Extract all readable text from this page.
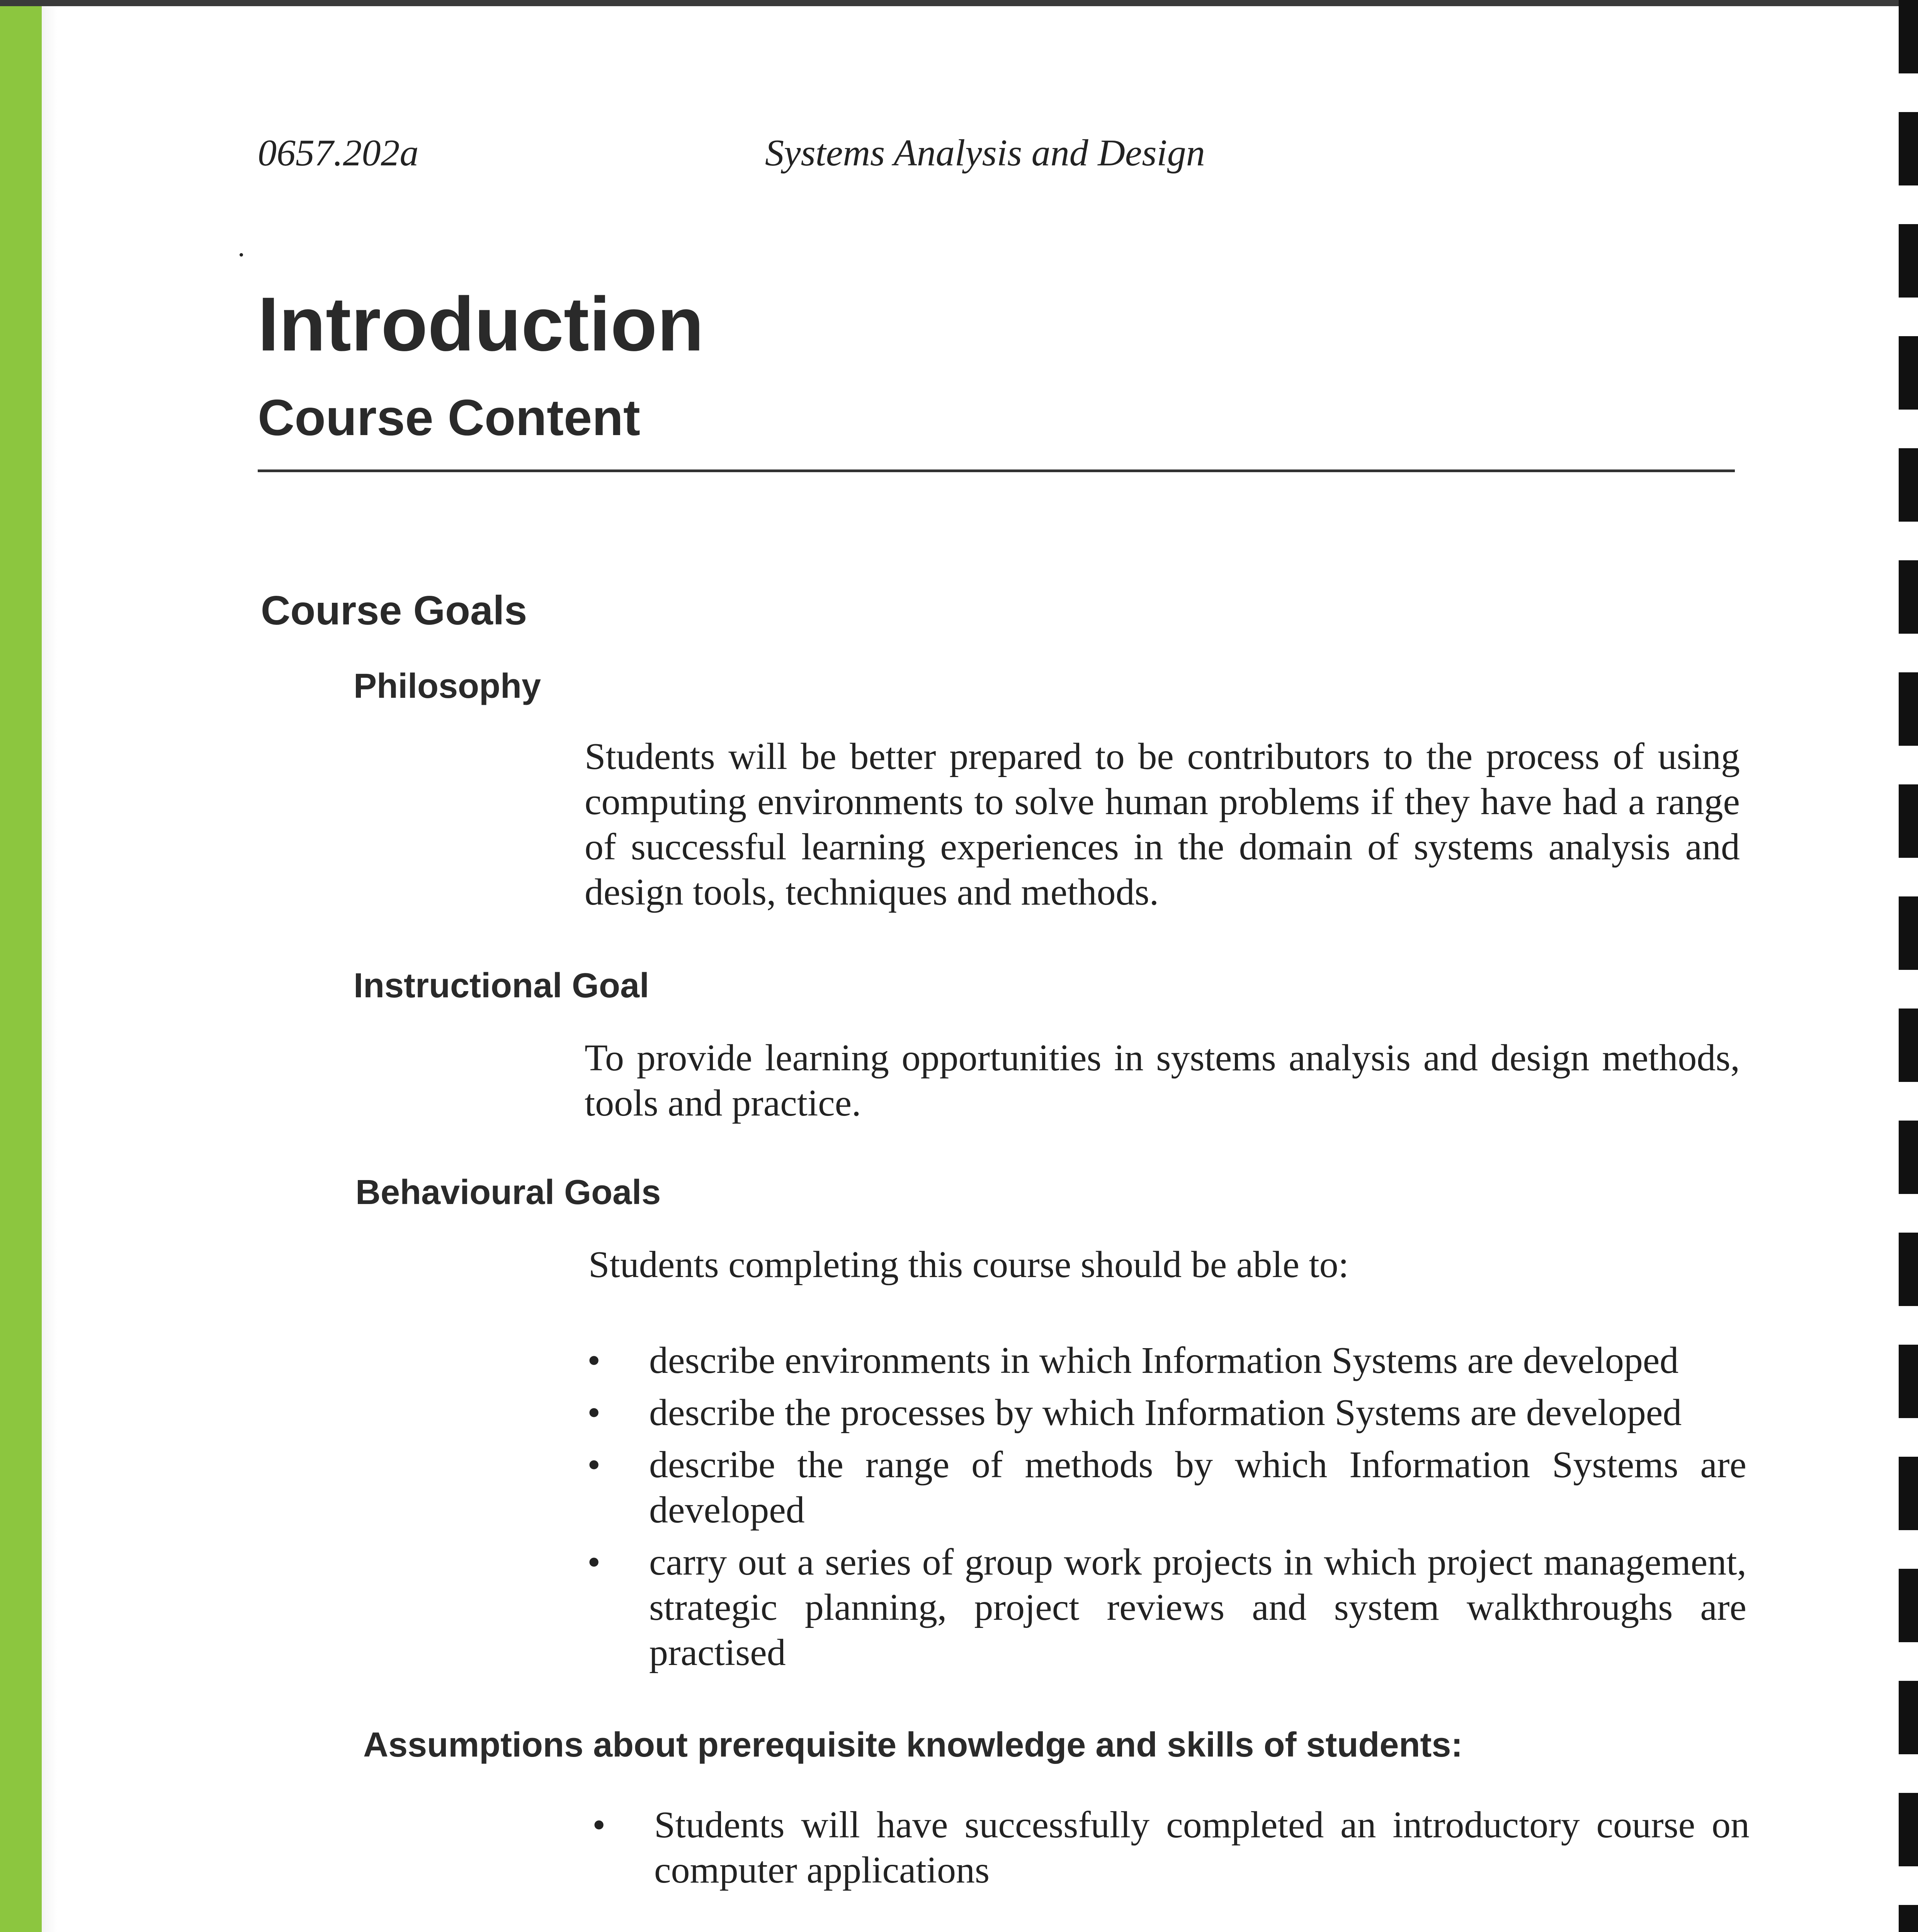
0657.202a	Systems Analysis and Design
Introduction
Course Content
Course Goals
Philosophy

Students will be better prepared to be contributors to the process of using computing environments to solve human problems if they have had a range of successful learning experiences in the domain of systems analysis and design tools, techniques and methods.

Instructional Goal

To provide learning opportunities in systems analysis and design methods, tools and practice.

Behavioural Goals

Students completing this course should be able to:

• describe environments in which Information Systems are developed
• describe the processes by which Information Systems are developed
• describe the range of methods by which Information Systems are developed
• carry out a series of group work projects in which project management, strategic planning, project reviews and system walkthroughs are practised
Assumptions about prerequisite knowledge and skills of students:
• Students will have successfully completed an introductory course on computer applications
